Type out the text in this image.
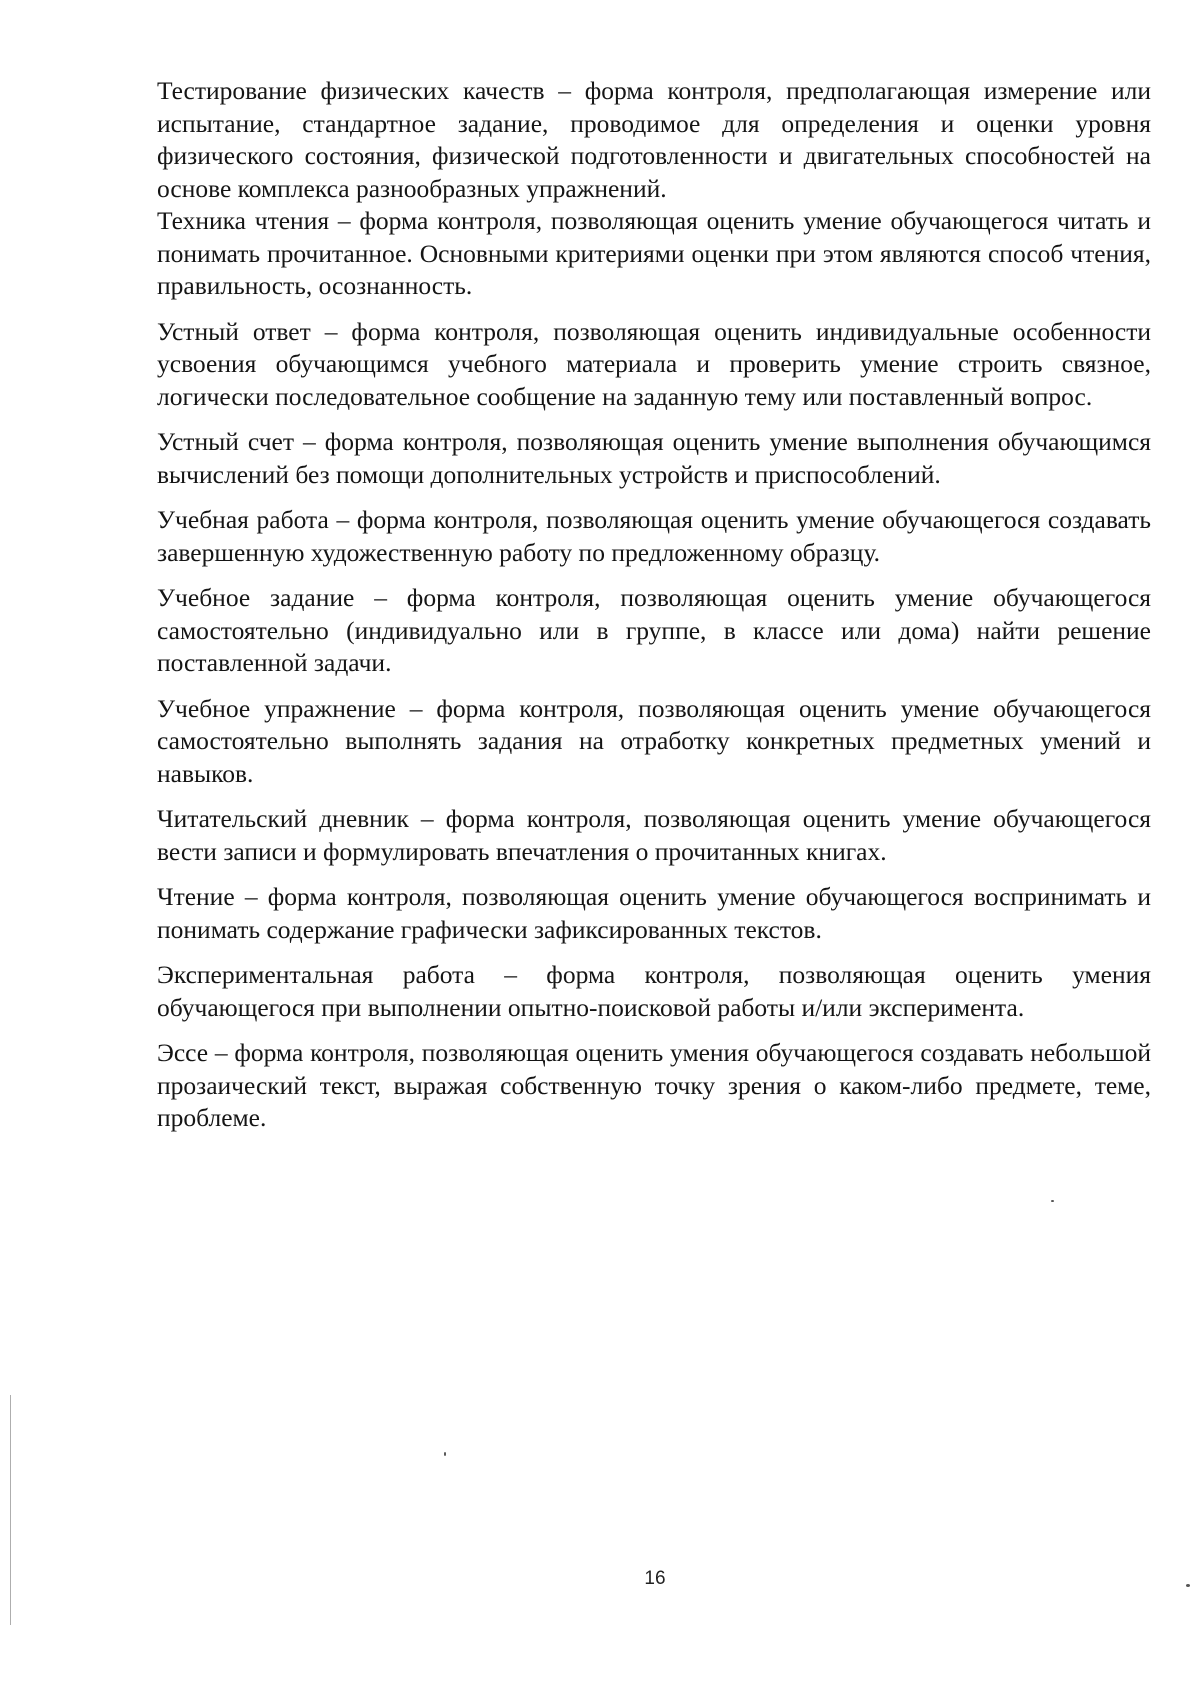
Тестирование физических качеств – форма контроля, предполагающая измерение или испытание, стандартное задание, проводимое для определения и оценки уровня физического состояния, физической подготовленности и двигательных способностей на основе комплекса разнообразных упражнений.

Техника чтения – форма контроля, позволяющая оценить умение обучающегося читать и понимать прочитанное. Основными критериями оценки при этом являются способ чтения, правильность, осознанность.

Устный ответ – форма контроля, позволяющая оценить индивидуальные особенности усвоения обучающимся учебного материала и проверить умение строить связное, логически последовательное сообщение на заданную тему или поставленный вопрос.

Устный счет – форма контроля, позволяющая оценить умение выполнения обучающимся вычислений без помощи дополнительных устройств и приспособлений.

Учебная работа – форма контроля, позволяющая оценить умение обучающегося создавать завершенную художественную работу по предложенному образцу.

Учебное задание – форма контроля, позволяющая оценить умение обучающегося самостоятельно (индивидуально или в группе, в классе или дома) найти решение поставленной задачи.

Учебное упражнение – форма контроля, позволяющая оценить умение обучающегося самостоятельно выполнять задания на отработку конкретных предметных умений и навыков.

Читательский дневник – форма контроля, позволяющая оценить умение обучающегося вести записи и формулировать впечатления о прочитанных книгах.

Чтение – форма контроля, позволяющая оценить умение обучающегося воспринимать и понимать содержание графически зафиксированных текстов.

Экспериментальная работа – форма контроля, позволяющая оценить умения обучающегося при выполнении опытно-поисковой работы и/или эксперимента.

Эссе – форма контроля, позволяющая оценить умения обучающегося создавать небольшой прозаический текст, выражая собственную точку зрения о каком-либо предмете, теме, проблеме.

16
